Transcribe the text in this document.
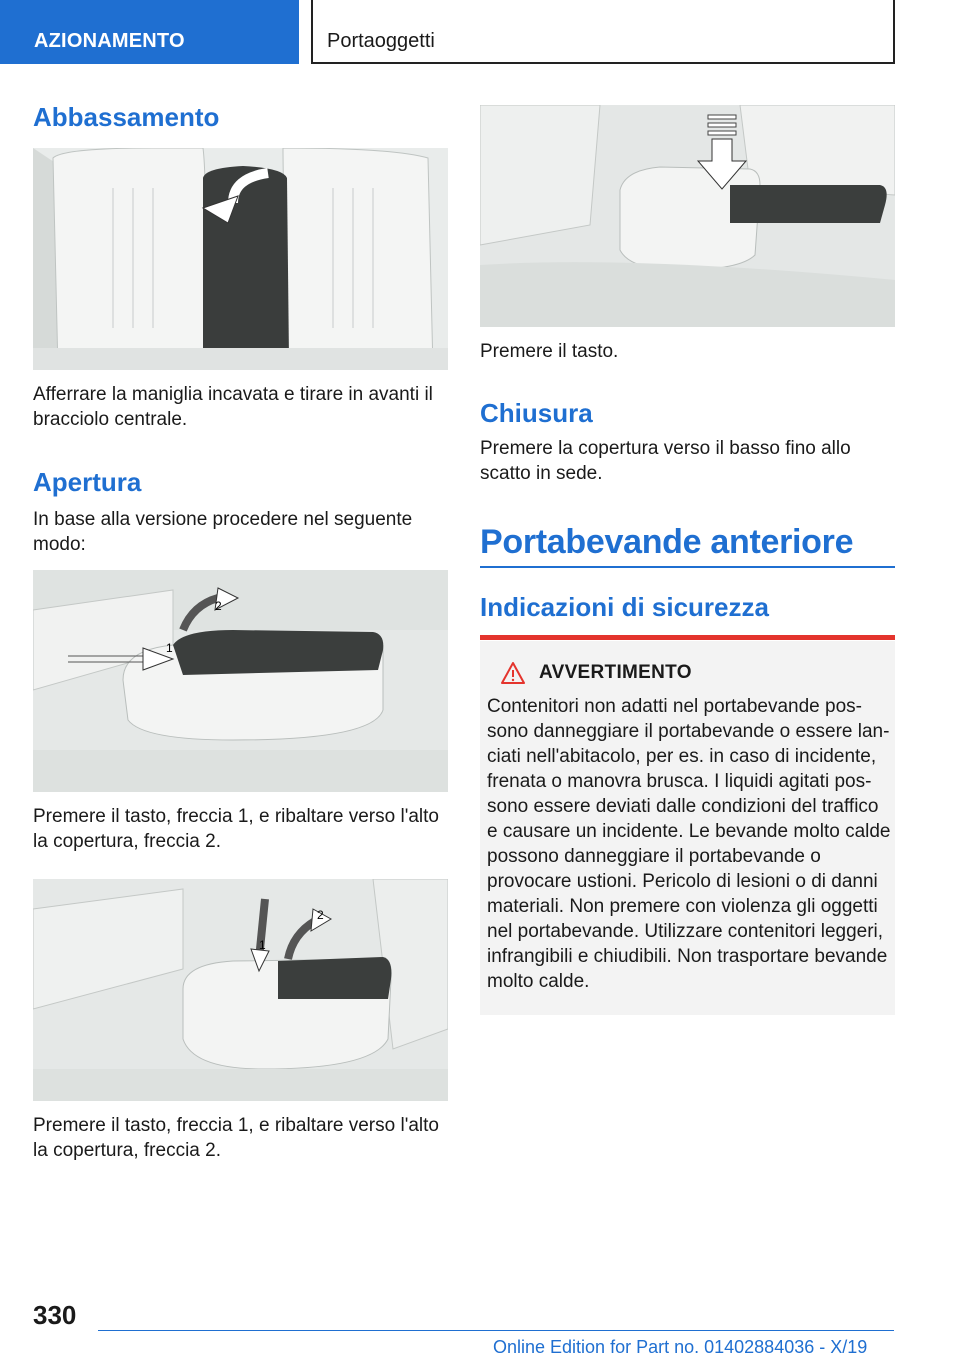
AZIONAMENTO	Portaoggetti
Abbassamento

Afferrare la maniglia incavata e tirare in avanti il bracciolo centrale.

Apertura

In base alla versione procedere nel seguente modo:

1
2

Premere il tasto, freccia 1, e ribaltare verso l'alto la copertura, freccia 2.

1
2

Premere il tasto, freccia 1, e ribaltare verso l'alto la copertura, freccia 2.

Premere il tasto.

Chiusura

Premere la copertura verso il basso fino allo scatto in sede.

Portabevande anteriore
Indicazioni di sicurezza
AVVERTIMENTO

Contenitori non adatti nel portabevande possono danneggiare il portabevande o essere lanciati nell'abitacolo, per es. in caso di incidente, frenata o manovra brusca. I liquidi agitati possono essere deviati dalle condizioni del traffico e causare un incidente. Le bevande molto calde possono danneggiare il portabevande o provocare ustioni. Pericolo di lesioni o di danni materiali. Non premere con violenza gli oggetti nel portabevande. Utilizzare contenitori leggeri, infrangibili e chiudibili. Non trasportare bevande molto calde.

330
Online Edition for Part no. 01402884036 - X/19
